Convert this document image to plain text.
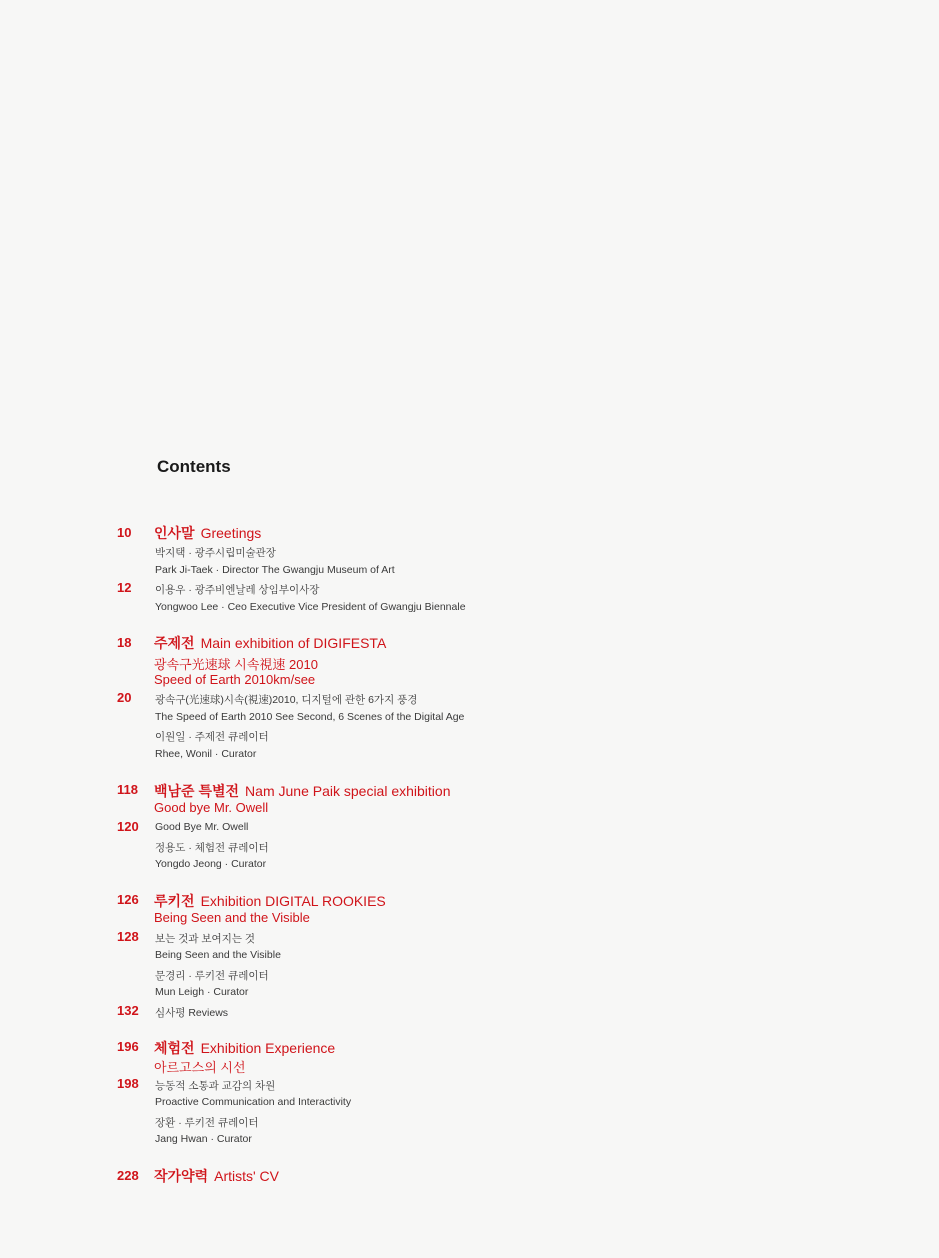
Contents
10	인사말 Greetings
박지택 · 광주시립미술관장
Park Ji-Taek · Director The Gwangju Museum of Art
12	이용우 · 광주비엔날레 상임부이사장
Yongwoo Lee · Ceo Executive Vice President of Gwangju Biennale
18	주제전 Main exhibition of DIGIFESTA
광속구光速球 시속視速 2010
Speed of Earth 2010km/see
20	광속구(光速球)시속(視速)2010, 디지털에 관한 6가지 풍경
The Speed of Earth 2010 See Second, 6 Scenes of the Digital Age
이원일 · 주제전 큐레이터
Rhee, Wonil · Curator
118	백남준 특별전 Nam June Paik special exhibition
Good bye Mr. Owell
120	Good Bye Mr. Owell
정용도 · 체험전 큐레이터
Yongdo Jeong · Curator
126	루키전 Exhibition DIGITAL ROOKIES
Being Seen and the Visible
128	보는 것과 보여지는 것
Being Seen and the Visible
문경리 · 루키전 큐레이터
Mun Leigh · Curator
132	심사평 Reviews
196	체험전 Exhibition Experience
아르고스의 시선
198	능동적 소통과 교감의 차원
Proactive Communication and Interactivity
장환 · 루키전 큐레이터
Jang Hwan · Curator
228	작가약력 Artists' CV
